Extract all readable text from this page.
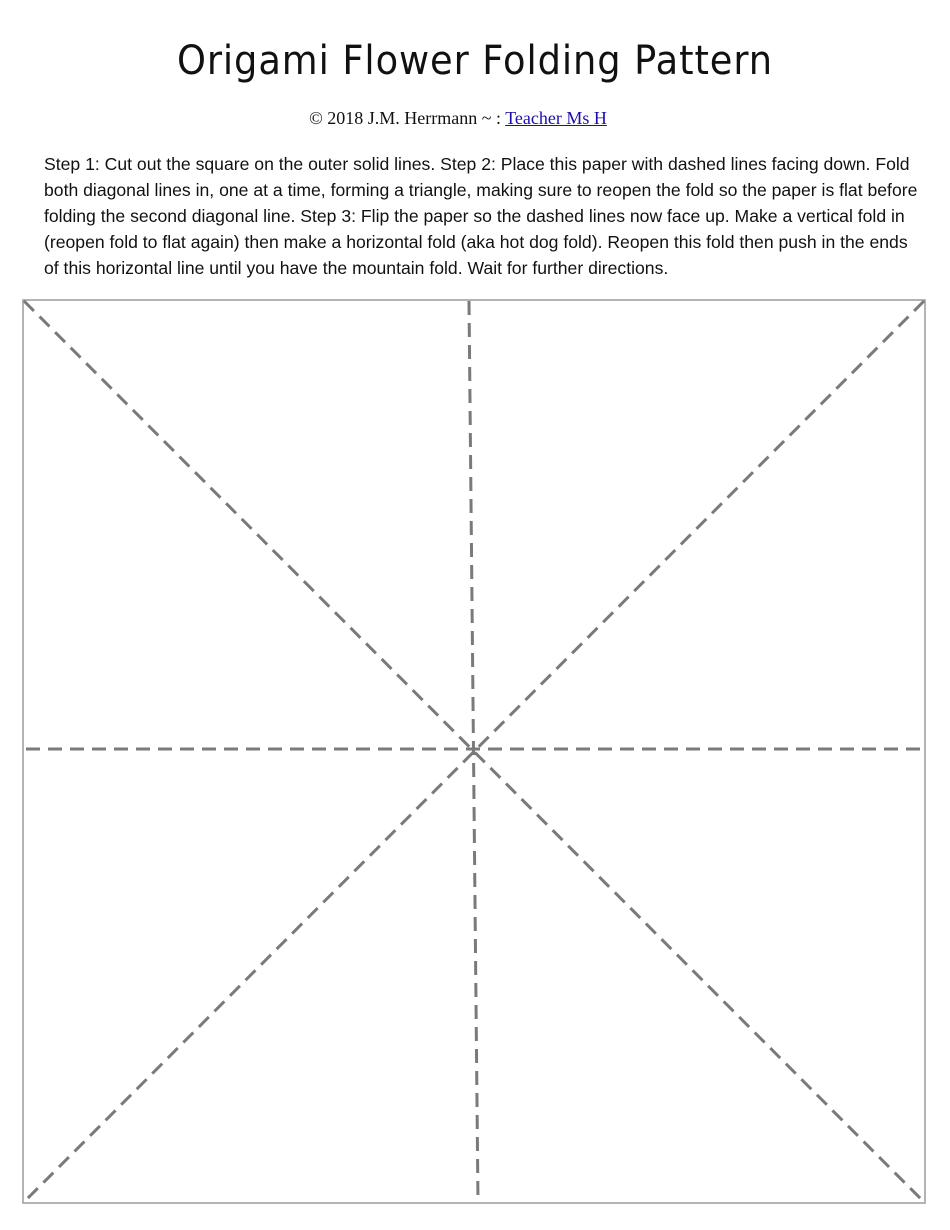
Origami Flower Folding Pattern
© 2018 J.M. Herrmann ~ : Teacher Ms H

Step 1: Cut out the square on the outer solid lines. Step 2: Place this paper with dashed lines facing down. Fold both diagonal lines in, one at a time, forming a triangle, making sure to reopen the fold so the paper is flat before folding the second diagonal line. Step 3: Flip the paper so the dashed lines now face up. Make a vertical fold in (reopen fold to flat again) then make a horizontal fold (aka hot dog fold). Reopen this fold then push in the ends of this horizontal line until you have the mountain fold. Wait for further directions.
